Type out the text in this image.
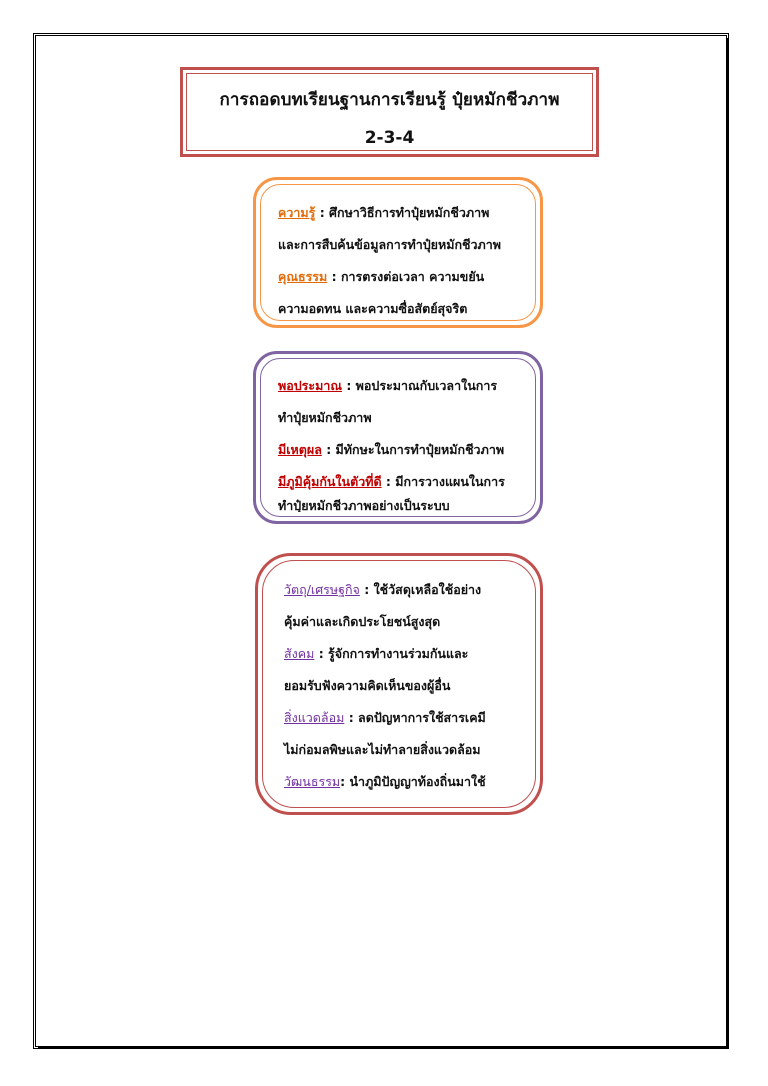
การถอดบทเรียนฐานการเรียนรู้ ปุ๋ยหมักชีวภาพ
2-3-4
ความรู้ : ศึกษาวิธีการทำปุ๋ยหมักชีวภาพ
และการสืบค้นข้อมูลการทำปุ๋ยหมักชีวภาพ
คุณธรรม : การตรงต่อเวลา ความขยัน
ความอดทน และความซื่อสัตย์สุจริต
พอประมาณ : พอประมาณกับเวลาในการ
ทำปุ๋ยหมักชีวภาพ
มีเหตุผล : มีทักษะในการทำปุ๋ยหมักชีวภาพ
มีภูมิคุ้มกันในตัวที่ดี : มีการวางแผนในการ
ทำปุ๋ยหมักชีวภาพอย่างเป็นระบบ
วัตถุ/เศรษฐกิจ : ใช้วัสดุเหลือใช้อย่าง
คุ้มค่าและเกิดประโยชน์สูงสุด
สังคม : รู้จักการทำงานร่วมกันและ
ยอมรับฟังความคิดเห็นของผู้อื่น
สิ่งแวดล้อม : ลดปัญหาการใช้สารเคมี
ไม่ก่อมลพิษและไม่ทำลายสิ่งแวดล้อม
วัฒนธรรม: นำภูมิปัญญาท้องถิ่นมาใช้
